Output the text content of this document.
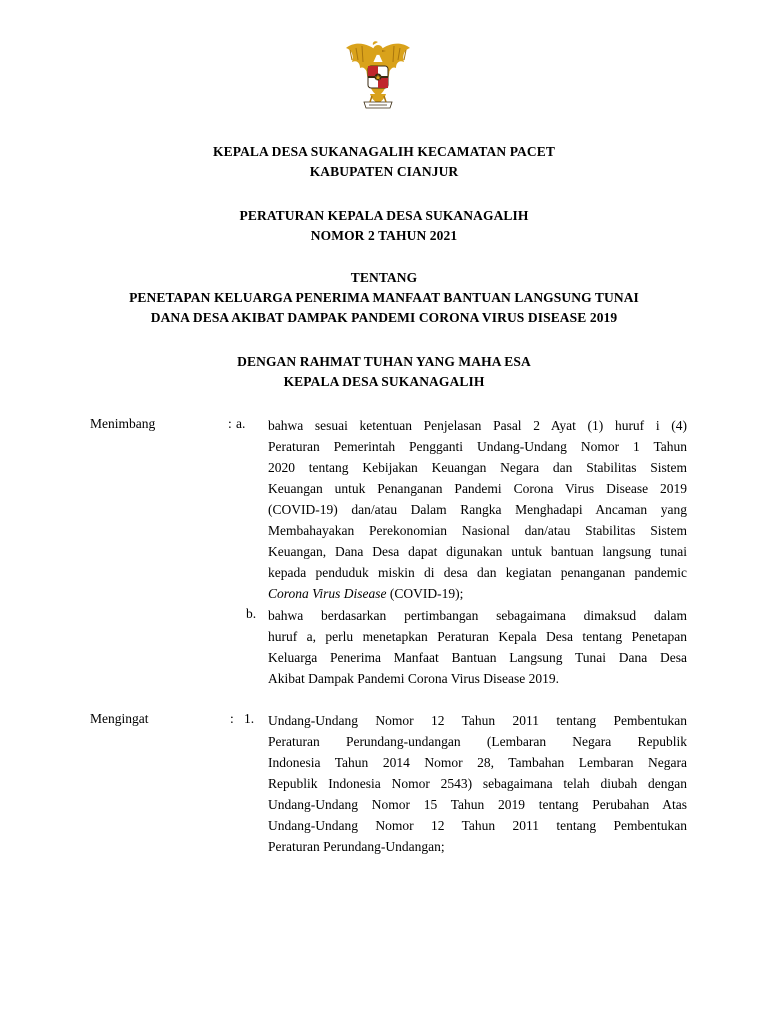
KEPALA DESA SUKANAGALIH KECAMATAN PACET
KABUPATEN CIANJUR
PERATURAN KEPALA DESA SUKANAGALIH
NOMOR 2 TAHUN 2021
TENTANG
PENETAPAN KELUARGA PENERIMA MANFAAT BANTUAN LANGSUNG TUNAI
DANA DESA AKIBAT DAMPAK PANDEMI CORONA VIRUS DISEASE 2019
DENGAN RAHMAT TUHAN YANG MAHA ESA
KEPALA DESA SUKANAGALIH
Menimbang	: a. bahwa sesuai ketentuan Penjelasan Pasal 2 Ayat (1) huruf i (4)
Peraturan Pemerintah Pengganti Undang-Undang Nomor 1 Tahun
2020 tentang Kebijakan Keuangan Negara dan Stabilitas Sistem
Keuangan untuk Penanganan Pandemi Corona Virus Disease 2019
(COVID-19) dan/atau Dalam Rangka Menghadapi Ancaman yang
Membahayakan Perekonomian Nasional dan/atau Stabilitas Sistem
Keuangan, Dana Desa dapat digunakan untuk bantuan langsung tunai
kepada penduduk miskin di desa dan kegiatan penanganan pandemic
Corona Virus Disease (COVID-19);
b. bahwa berdasarkan pertimbangan sebagaimana dimaksud dalam
huruf a, perlu menetapkan Peraturan Kepala Desa tentang Penetapan
Keluarga Penerima Manfaat Bantuan Langsung Tunai Dana Desa
Akibat Dampak Pandemi Corona Virus Disease 2019.
Mengingat	: 1. Undang-Undang Nomor 12 Tahun 2011 tentang Pembentukan
Peraturan Perundang-undangan (Lembaran Negara Republik
Indonesia Tahun 2014 Nomor 28, Tambahan Lembaran Negara
Republik Indonesia Nomor 2543) sebagaimana telah diubah dengan
Undang-Undang Nomor 15 Tahun 2019 tentang Perubahan Atas
Undang-Undang Nomor 12 Tahun 2011 tentang Pembentukan
Peraturan Perundang-Undangan;
